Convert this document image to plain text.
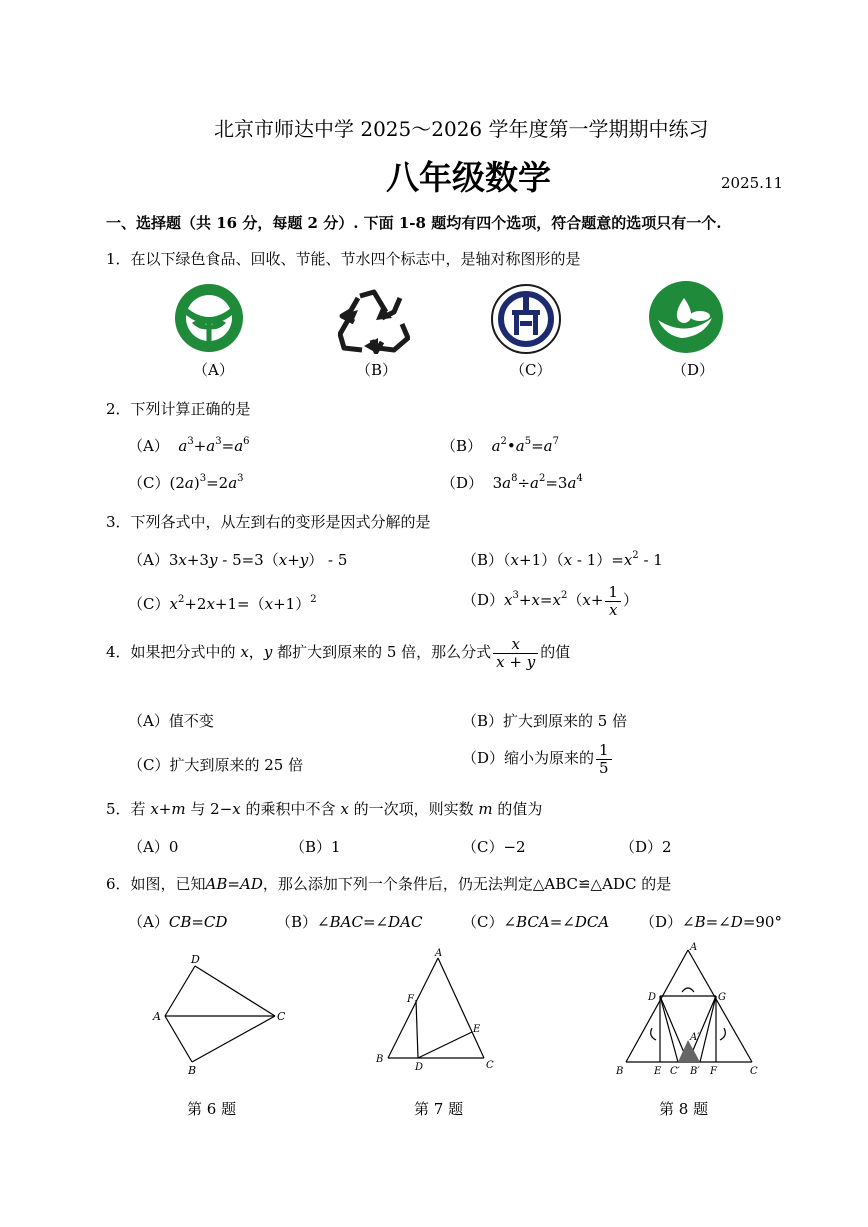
北京市师达中学 2025～2026 学年度第一学期期中练习
八年级数学	2025.11
一、选择题（共 16 分，每题 2 分）. 下面 1-8 题均有四个选项，符合题意的选项只有一个.
1．在以下绿色食品、回收、节能、节水四个标志中，是轴对称图形的是
（A）	（B）	（C）	（D）
2．下列计算正确的是
（A） $a^3+a^3=a^6$	（B） $a^2•a^5=a^7$
$(C)(2a)^3=2a^3$	（D）  $3a^8\div a^2=3a^4$
3．下列各式中，从左到右的变形是因式分解的是
（A）3x+3y - 5=3（x+y） - 5	$(B)(x+1)(x - 1)=x^2 - 1$
$(C)x^2+2x+1=(x+1)^2$	$(D)x^3+x=x^2(x+ \frac{1}{x}$ ）
4．如果把分式中的 x，y 都扩大到原来的 5 倍，那么分式 $\frac{x}{x + y}$ 的值
（A）值不变	（B）扩大到原来的 5 倍
（C）扩大到原来的 25 倍	（D）缩小为原来的 $\frac{1}{5}$
5．若 x+m 与 2−x 的乘积中不含 x 的一次项，则实数 m 的值为
（A）0	（B）1	（C）−2	（D）2
6．如图，已知AB=AD，那么添加下列一个条件后，仍无法判定△ABC≌△ADC 的是
（A）CB=CD	（B）∠BAC=∠DAC	（C）∠BCA=∠DCA （D）∠B=∠D=90°
D
A	C
B
第 6 题
A
F
E
B
D	C
第 7 题
A
D	G
A′
B	E C′ B′ F	C
第 8 题
